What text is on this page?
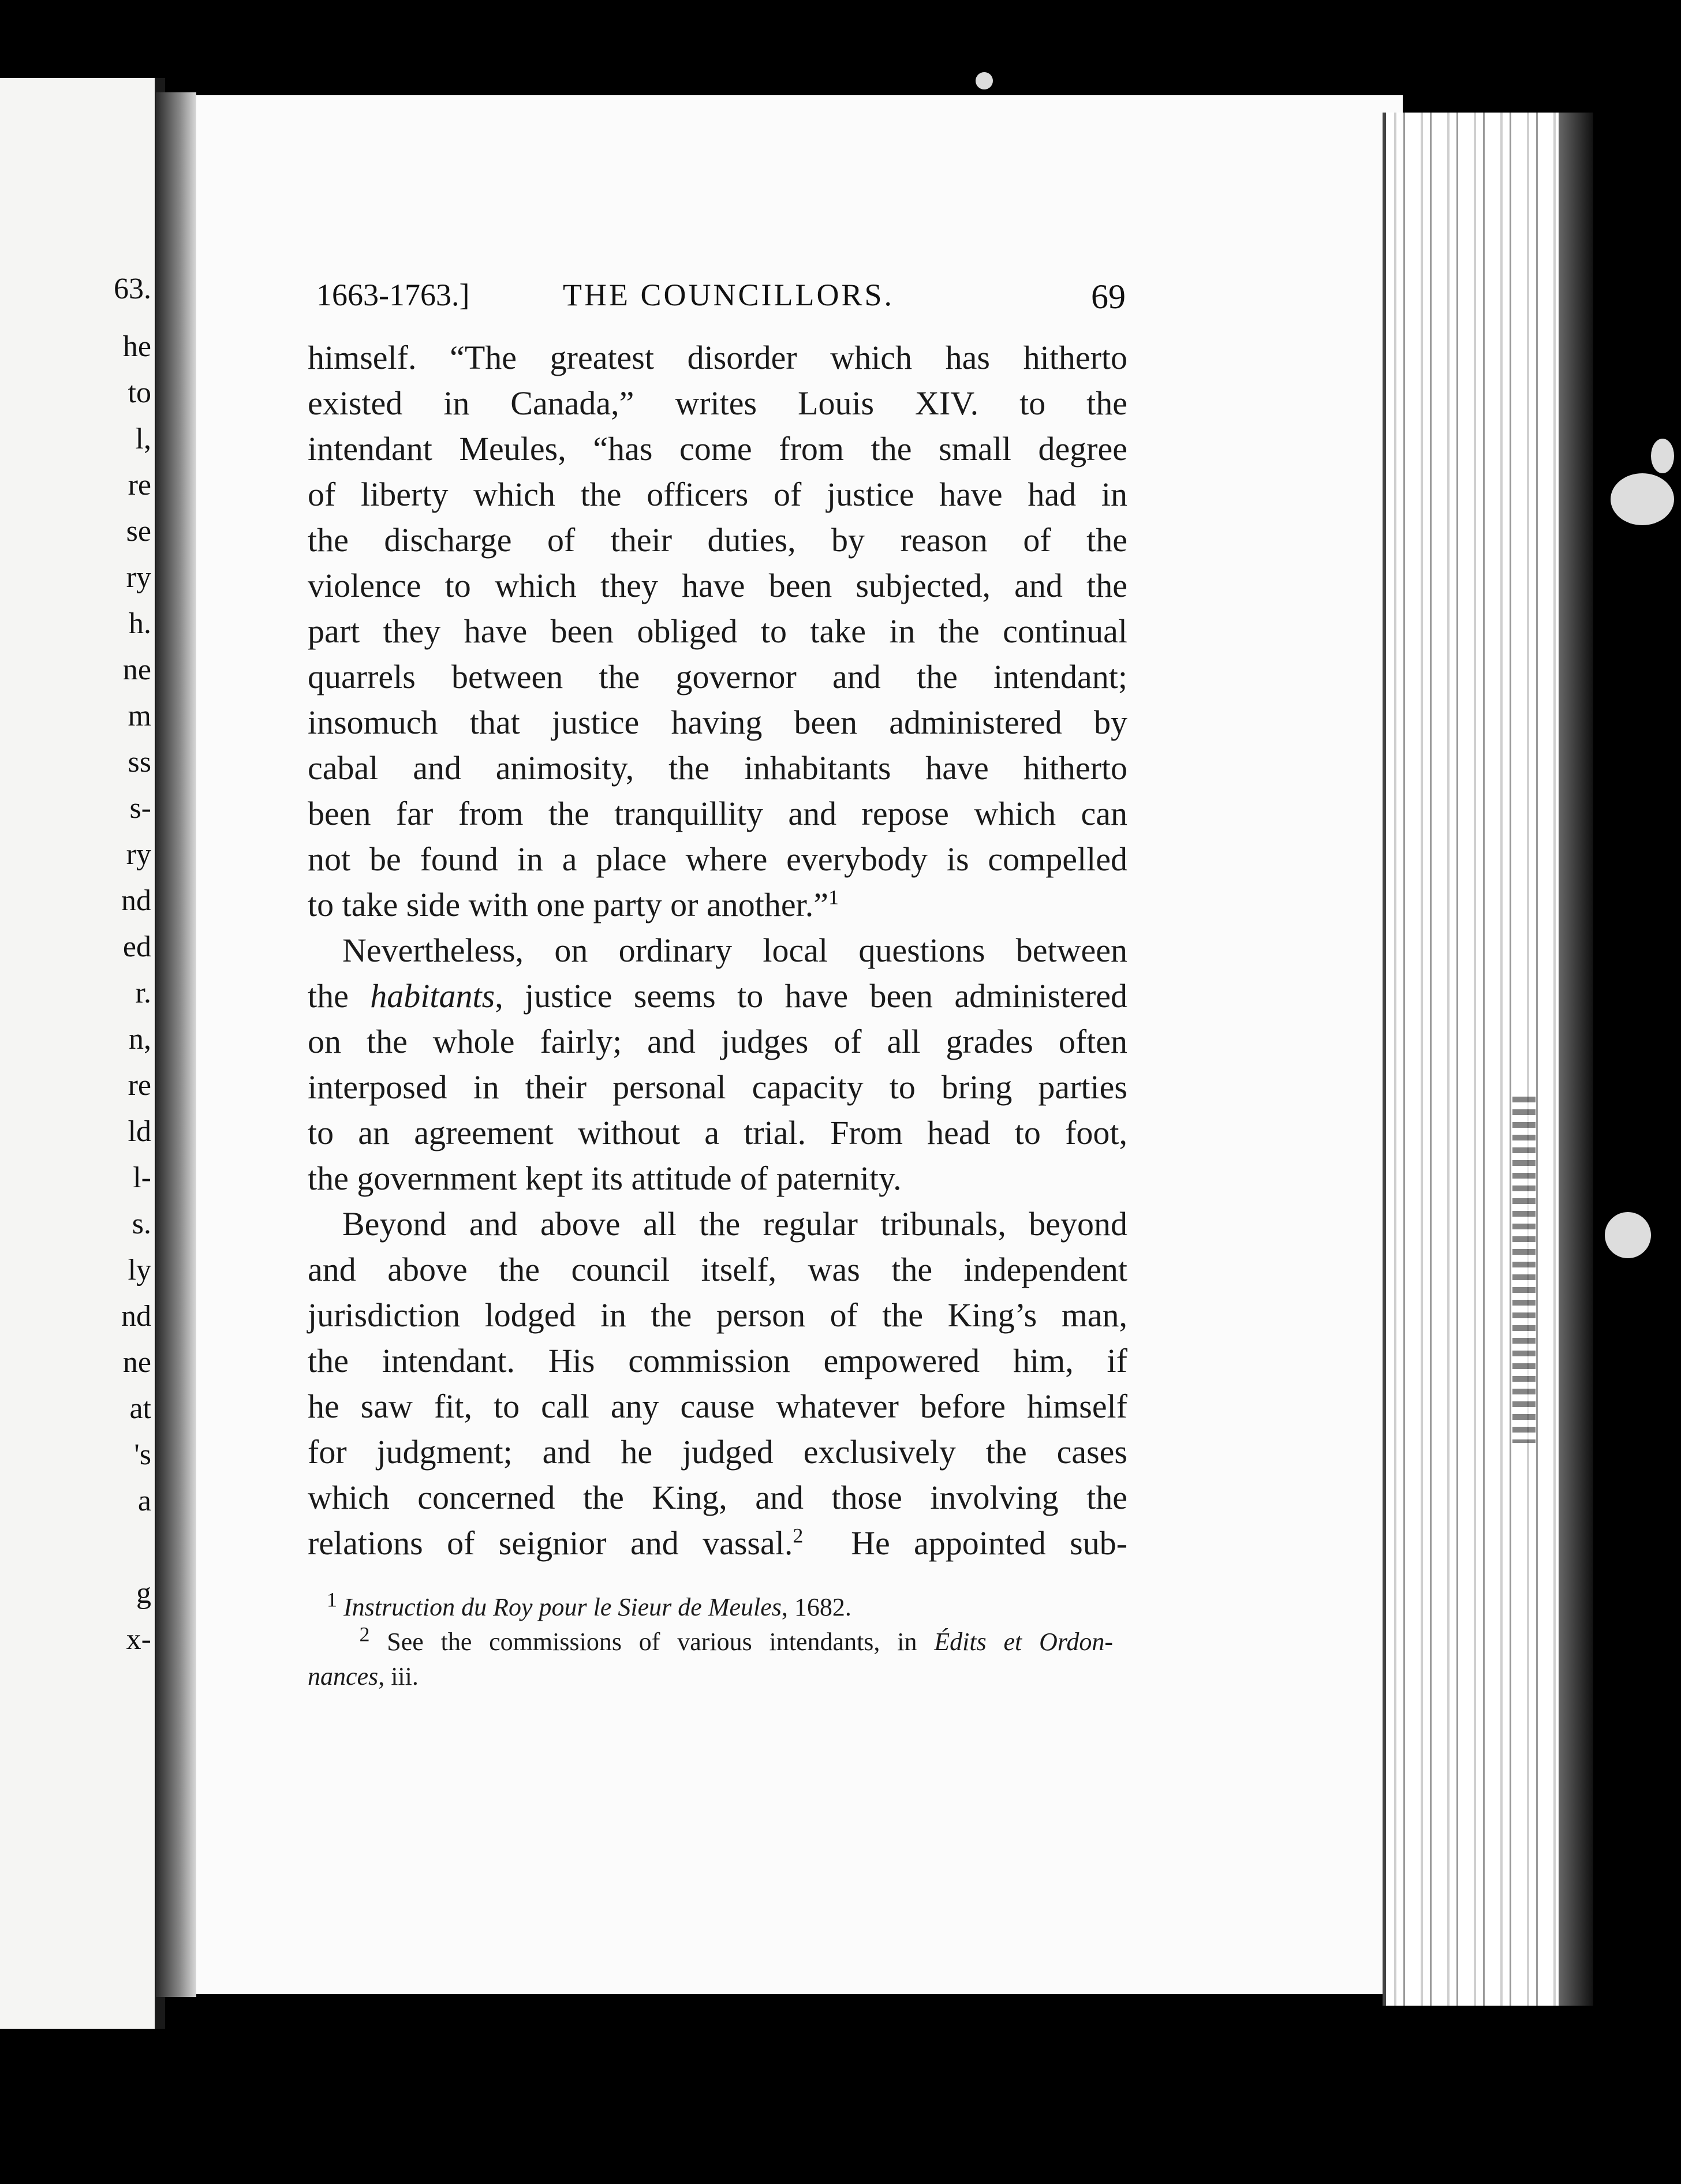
63.
he
to
l,
re
se
ry
h.
ne
m
ss
s-
ry
nd
ed
r.
n,
re
ld
l-
s.
ly
nd
ne
at
's
a
g
x-
1663-1763.]	THE COUNCILLORS.	69
himself. “The greatest disorder which has hitherto
existed in Canada,” writes Louis XIV. to the
intendant Meules, “has come from the small degree
of liberty which the officers of justice have had in
the discharge of their duties, by reason of the
violence to which they have been subjected, and the
part they have been obliged to take in the continual
quarrels between the governor and the intendant;
insomuch that justice having been administered by
cabal and animosity, the inhabitants have hitherto
been far from the tranquillity and repose which can
not be found in a place where everybody is compelled
to take side with one party or another.”$^1$
Nevertheless, on ordinary local questions between
the habitants, justice seems to have been administered
on the whole fairly; and judges of all grades often
interposed in their personal capacity to bring parties
to an agreement without a trial. From head to foot,
the government kept its attitude of paternity.
Beyond and above all the regular tribunals, beyond
and above the council itself, was the independent
jurisdiction lodged in the person of the King’s man,
the intendant. His commission empowered him, if
he saw fit, to call any cause whatever before himself
for judgment; and he judged exclusively the cases
which concerned the King, and those involving the
relations of seignior and vassal.$^2$ He appointed sub-
$^1$ Instruction du Roy pour le Sieur de Meules, 1682.
$^2$ See the commissions of various intendants, in Édits et Ordon-
nances, iii.
